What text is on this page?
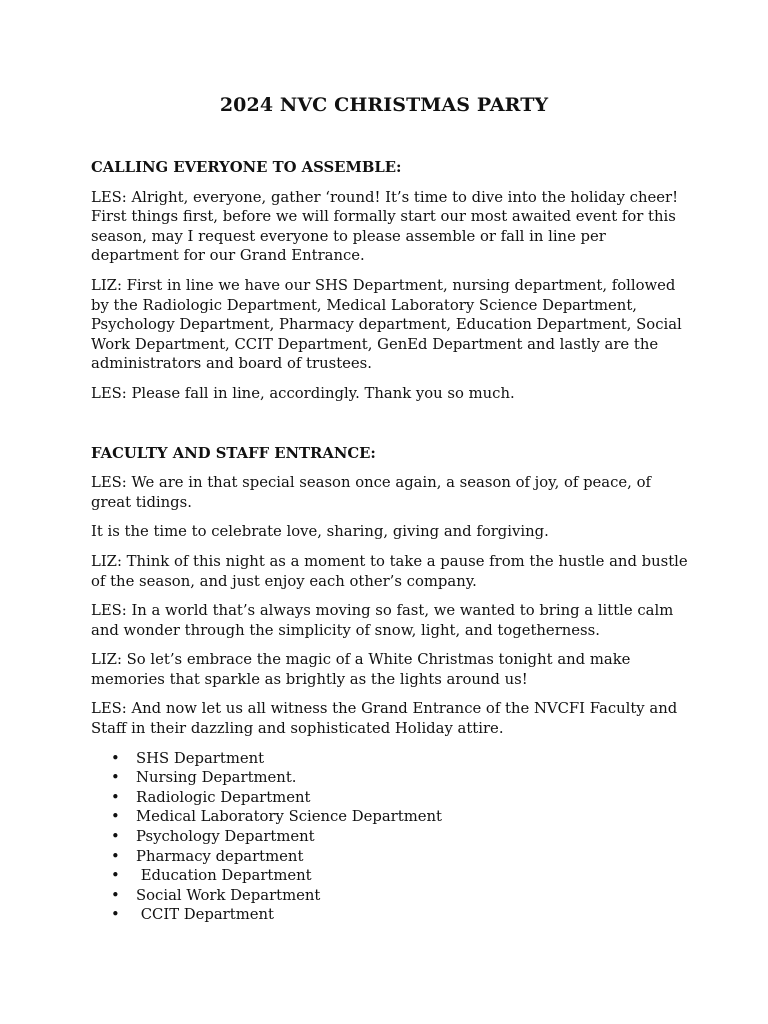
2024 NVC CHRISTMAS PARTY
CALLING EVERYONE TO ASSEMBLE:

LES: Alright, everyone, gather ‘round! It’s time to dive into the holiday cheer! First things first, before we will formally start our most awaited event for this season, may I request everyone to please assemble or fall in line per department for our Grand Entrance.

LIZ: First in line we have our SHS Department, nursing department, followed by the Radiologic Department, Medical Laboratory Science Department, Psychology Department, Pharmacy department, Education Department, Social Work Department, CCIT Department, GenEd Department and lastly are the administrators and board of trustees.

LES: Please fall in line, accordingly. Thank you so much.

FACULTY AND STAFF ENTRANCE:

LES: We are in that special season once again, a season of joy, of peace, of great tidings.

It is the time to celebrate love, sharing, giving and forgiving.

LIZ: Think of this night as a moment to take a pause from the hustle and bustle of the season, and just enjoy each other’s company.

LES: In a world that’s always moving so fast, we wanted to bring a little calm and wonder through the simplicity of snow, light, and togetherness.

LIZ: So let’s embrace the magic of a White Christmas tonight and make memories that sparkle as brightly as the lights around us!

LES: And now let us all witness the Grand Entrance of the NVCFI Faculty and Staff in their dazzling and sophisticated Holiday attire.

• SHS Department
• Nursing Department.
• Radiologic Department
• Medical Laboratory Science Department
• Psychology Department
• Pharmacy department
• Education Department
• Social Work Department
• CCIT Department
